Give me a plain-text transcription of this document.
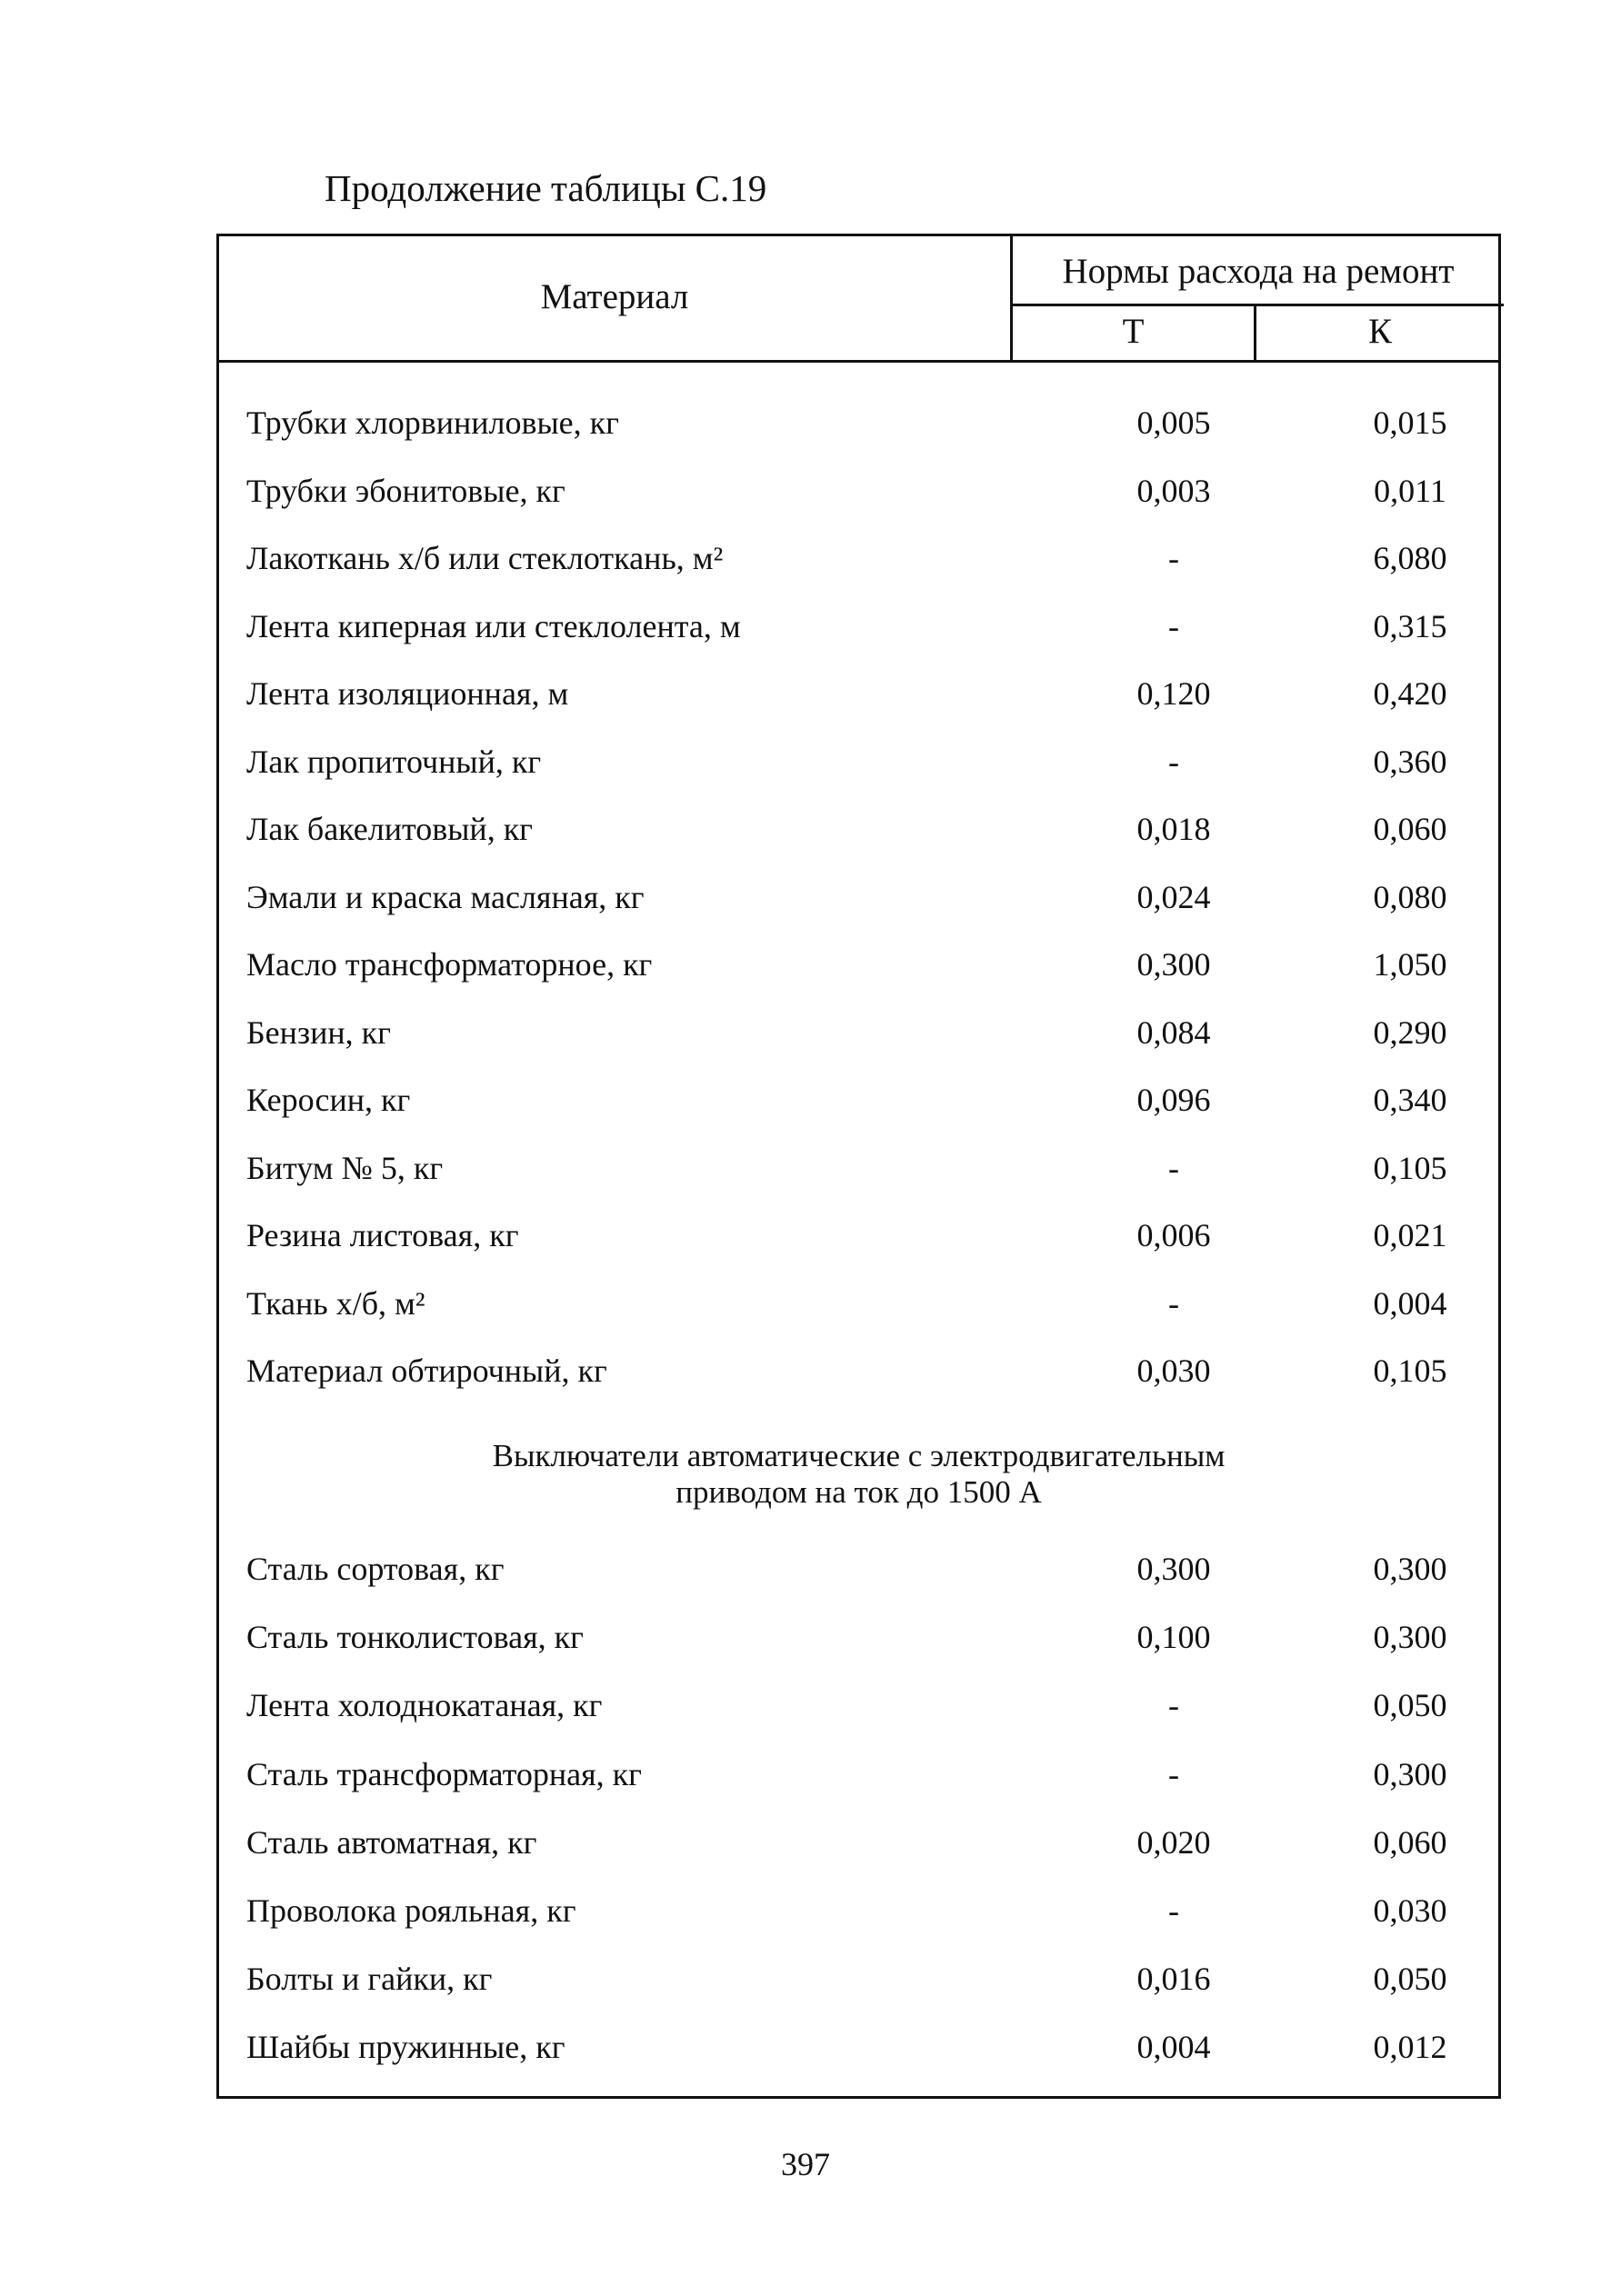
Продолжение таблицы С.19
Материал
Нормы расхода на ремонт
Т	К
Трубки хлорвиниловые, кг	0,005	0,015
Трубки эбонитовые, кг	0,003	0,011
Лакоткань х/б или стеклоткань, м²	-	6,080
Лента киперная или стеклолента, м	-	0,315
Лента изоляционная, м	0,120	0,420
Лак пропиточный, кг	-	0,360
Лак бакелитовый, кг	0,018	0,060
Эмали и краска масляная, кг	0,024	0,080
Масло трансформаторное, кг	0,300	1,050
Бензин, кг	0,084	0,290
Керосин, кг	0,096	0,340
Битум № 5, кг	-	0,105
Резина листовая, кг	0,006	0,021
Ткань х/б, м²	-	0,004
Материал обтирочный, кг	0,030	0,105
Выключатели автоматические с электродвигательным
приводом на ток до 1500 А
Сталь сортовая, кг	0,300	0,300
Сталь тонколистовая, кг	0,100	0,300
Лента холоднокатаная, кг	-	0,050
Сталь трансформаторная, кг	-	0,300
Сталь автоматная, кг	0,020	0,060
Проволока рояльная, кг	-	0,030
Болты и гайки, кг	0,016	0,050
Шайбы пружинные, кг	0,004	0,012
397
